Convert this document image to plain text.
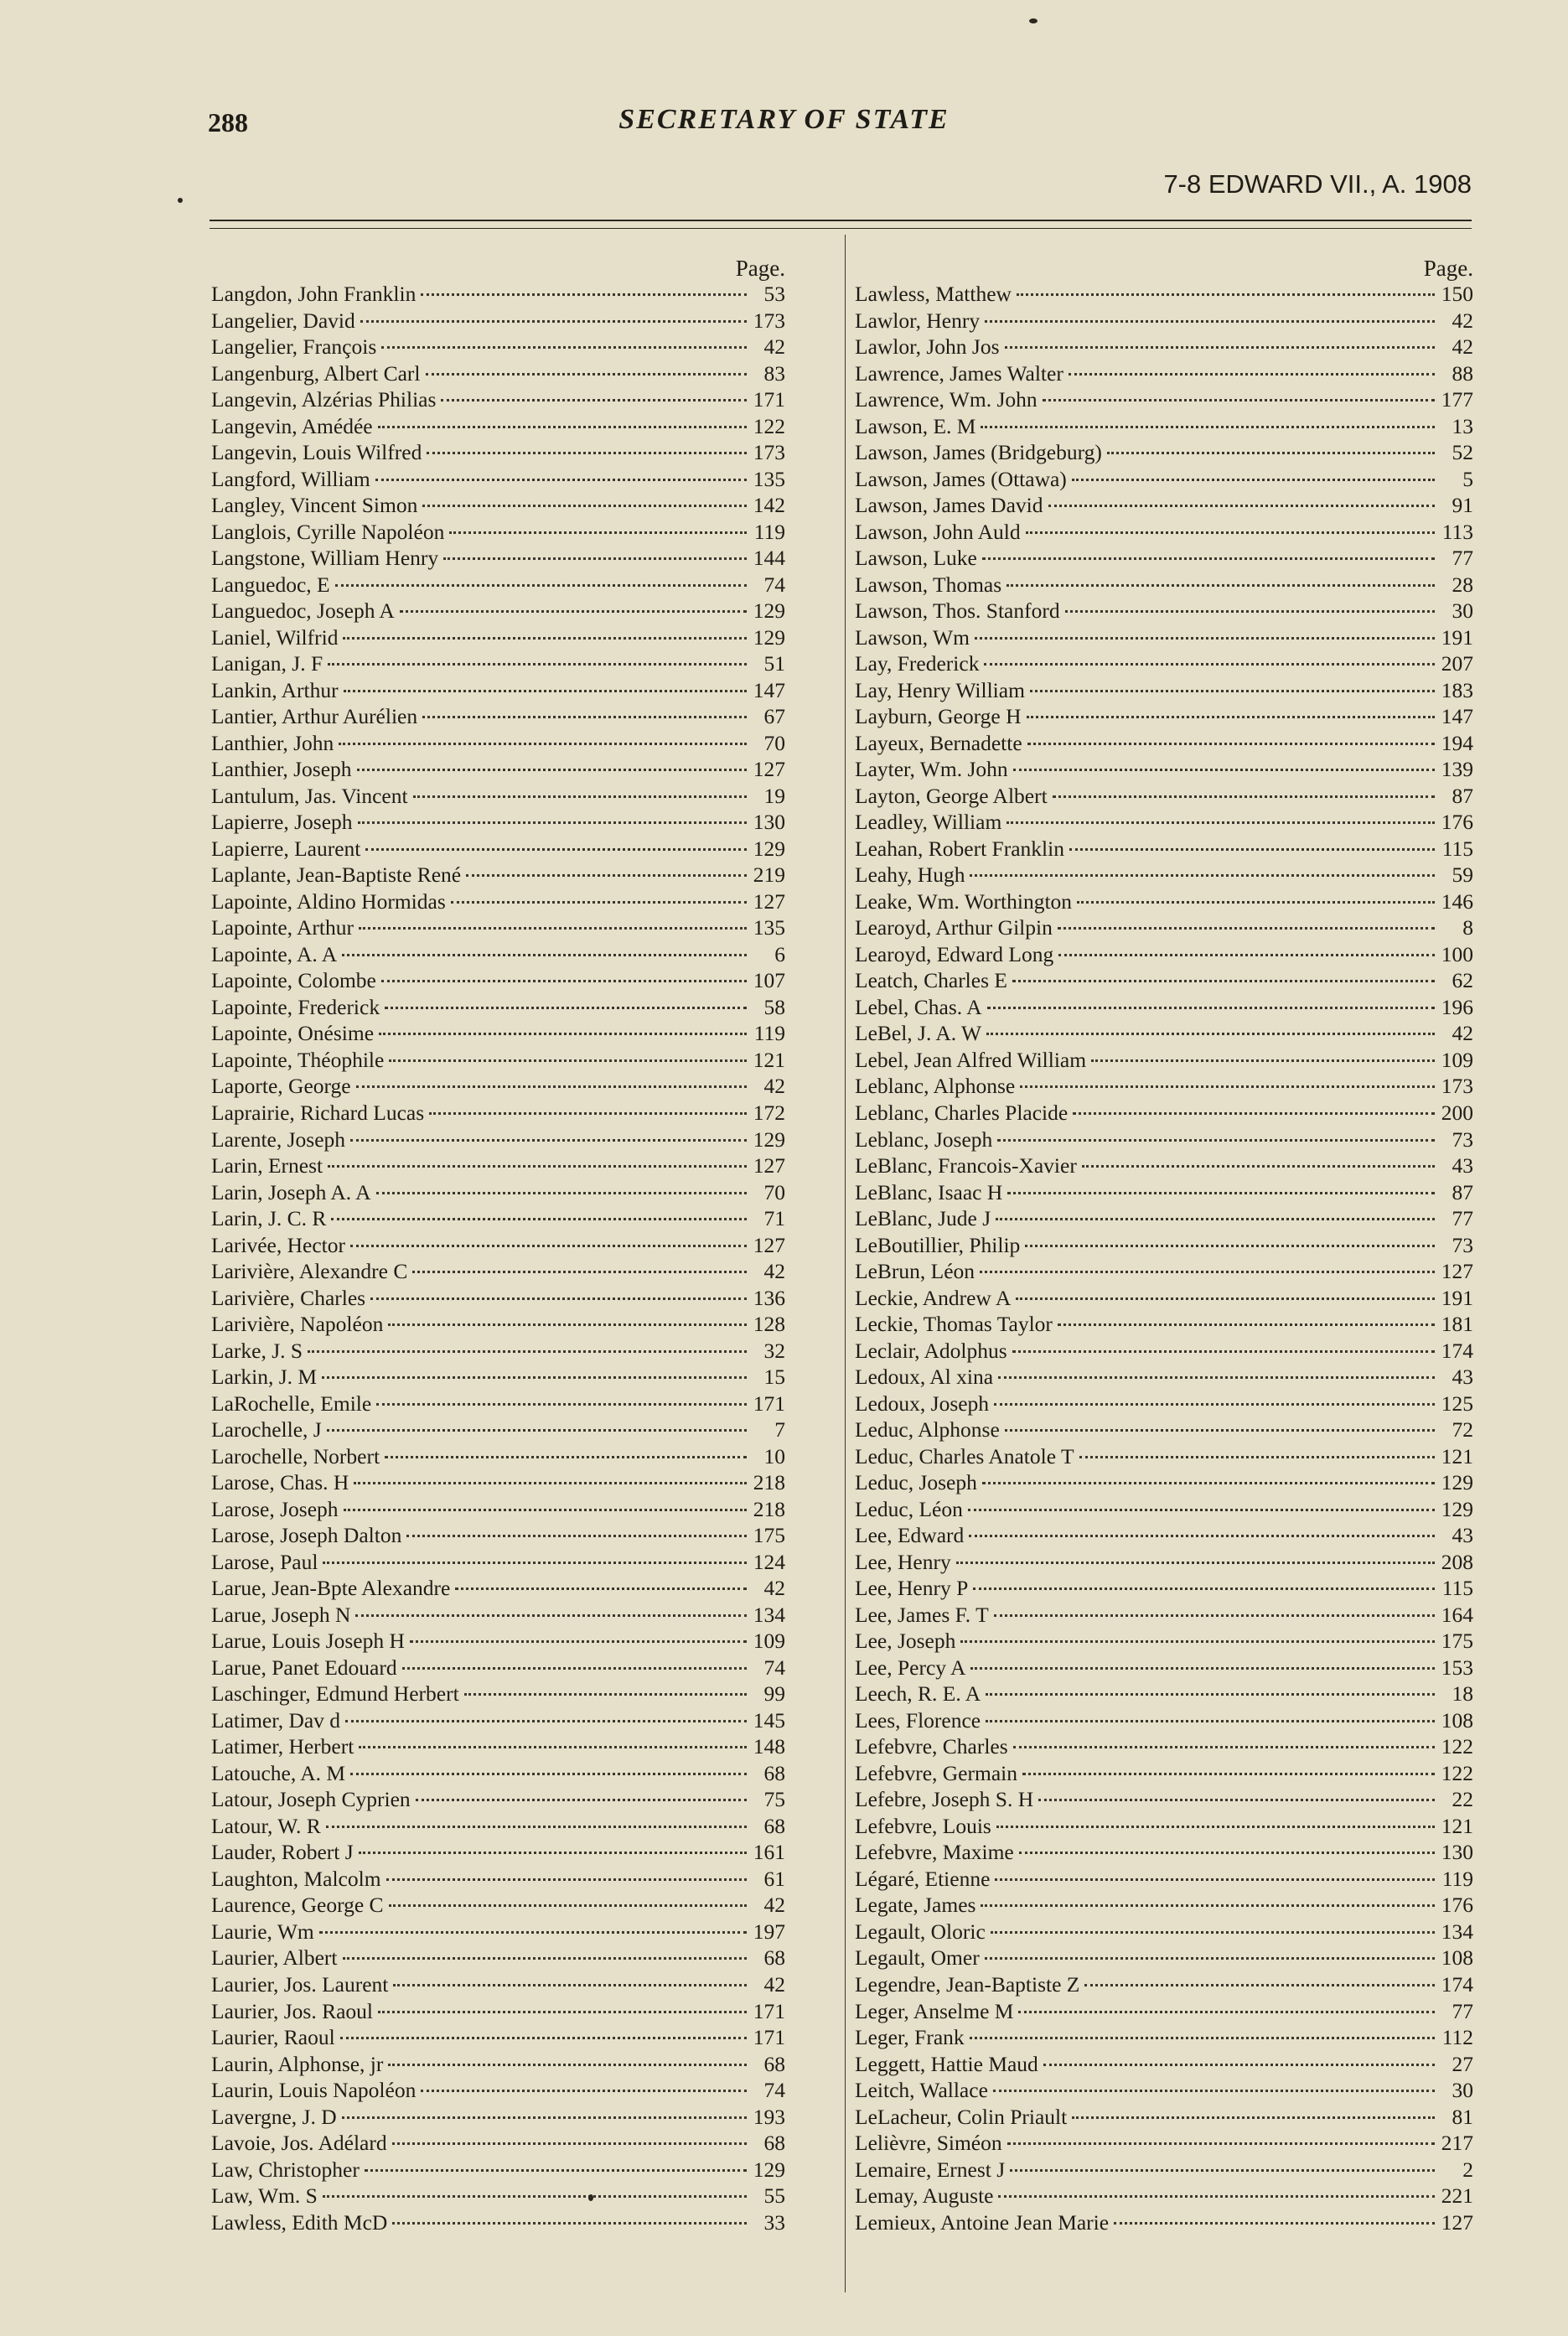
288	SECRETARY OF STATE
7-8 EDWARD VII., A. 1908
Page.
Langdon, John Franklin	53
Langelier, David	173
Langelier, François	42
Langenburg, Albert Carl	83
Langevin, Alzérias Philias	171
Langevin, Amédée	122
Langevin, Louis Wilfred	173
Langford, William	135
Langley, Vincent Simon	142
Langlois, Cyrille Napoléon	119
Langstone, William Henry	144
Languedoc, E	74
Languedoc, Joseph A	129
Laniel, Wilfrid	129
Lanigan, J. F	51
Lankin, Arthur	147
Lantier, Arthur Aurélien	67
Lanthier, John	70
Lanthier, Joseph	127
Lantulum, Jas. Vincent	19
Lapierre, Joseph	130
Lapierre, Laurent	129
Laplante, Jean-Baptiste René	219
Lapointe, Aldino Hormidas	127
Lapointe, Arthur	135
Lapointe, A. A	6
Lapointe, Colombe	107
Lapointe, Frederick	58
Lapointe, Onésime	119
Lapointe, Théophile	121
Laporte, George	42
Laprairie, Richard Lucas	172
Larente, Joseph	129
Larin, Ernest	127
Larin, Joseph A. A	70
Larin, J. C. R	71
Larivée, Hector	127
Larivière, Alexandre C	42
Larivière, Charles	136
Larivière, Napoléon	128
Larke, J. S	32
Larkin, J. M	15
LaRochelle, Emile	171
Larochelle, J	7
Larochelle, Norbert	10
Larose, Chas. H	218
Larose, Joseph	218
Larose, Joseph Dalton	175
Larose, Paul	124
Larue, Jean-Bpte Alexandre	42
Larue, Joseph N	134
Larue, Louis Joseph H	109
Larue, Panet Edouard	74
Laschinger, Edmund Herbert	99
Latimer, Dav d	145
Latimer, Herbert	148
Latouche, A. M	68
Latour, Joseph Cyprien	75
Latour, W. R	68
Lauder, Robert J	161
Laughton, Malcolm	61
Laurence, George C	42
Laurie, Wm	197
Laurier, Albert	68
Laurier, Jos. Laurent	42
Laurier, Jos. Raoul	171
Laurier, Raoul	171
Laurin, Alphonse, jr	68
Laurin, Louis Napoléon	74
Lavergne, J. D	193
Lavoie, Jos. Adélard	68
Law, Christopher	129
Law, Wm. S	55
Lawless, Edith McD	33
Page.
Lawless, Matthew	150
Lawlor, Henry	42
Lawlor, John Jos	42
Lawrence, James Walter	88
Lawrence, Wm. John	177
Lawson, E. M	13
Lawson, James (Bridgeburg)	52
Lawson, James (Ottawa)	5
Lawson, James David	91
Lawson, John Auld	113
Lawson, Luke	77
Lawson, Thomas	28
Lawson, Thos. Stanford	30
Lawson, Wm	191
Lay, Frederick	207
Lay, Henry William	183
Layburn, George H	147
Layeux, Bernadette	194
Layter, Wm. John	139
Layton, George Albert	87
Leadley, William	176
Leahan, Robert Franklin	115
Leahy, Hugh	59
Leake, Wm. Worthington	146
Learoyd, Arthur Gilpin	8
Learoyd, Edward Long	100
Leatch, Charles E	62
Lebel, Chas. A	196
LeBel, J. A. W	42
Lebel, Jean Alfred William	109
Leblanc, Alphonse	173
Leblanc, Charles Placide	200
Leblanc, Joseph	73
LeBlanc, Francois-Xavier	43
LeBlanc, Isaac H	87
LeBlanc, Jude J	77
LeBoutillier, Philip	73
LeBrun, Léon	127
Leckie, Andrew A	191
Leckie, Thomas Taylor	181
Leclair, Adolphus	174
Ledoux, Al xina	43
Ledoux, Joseph	125
Leduc, Alphonse	72
Leduc, Charles Anatole T	121
Leduc, Joseph	129
Leduc, Léon	129
Lee, Edward	43
Lee, Henry	208
Lee, Henry P	115
Lee, James F. T	164
Lee, Joseph	175
Lee, Percy A	153
Leech, R. E. A	18
Lees, Florence	108
Lefebvre, Charles	122
Lefebvre, Germain	122
Lefebre, Joseph S. H	22
Lefebvre, Louis	121
Lefebvre, Maxime	130
Légaré, Etienne	119
Legate, James	176
Legault, Oloric	134
Legault, Omer	108
Legendre, Jean-Baptiste Z	174
Leger, Anselme M	77
Leger, Frank	112
Leggett, Hattie Maud	27
Leitch, Wallace	30
LeLacheur, Colin Priault	81
Lelièvre, Siméon	217
Lemaire, Ernest J	2
Lemay, Auguste	221
Lemieux, Antoine Jean Marie	127
